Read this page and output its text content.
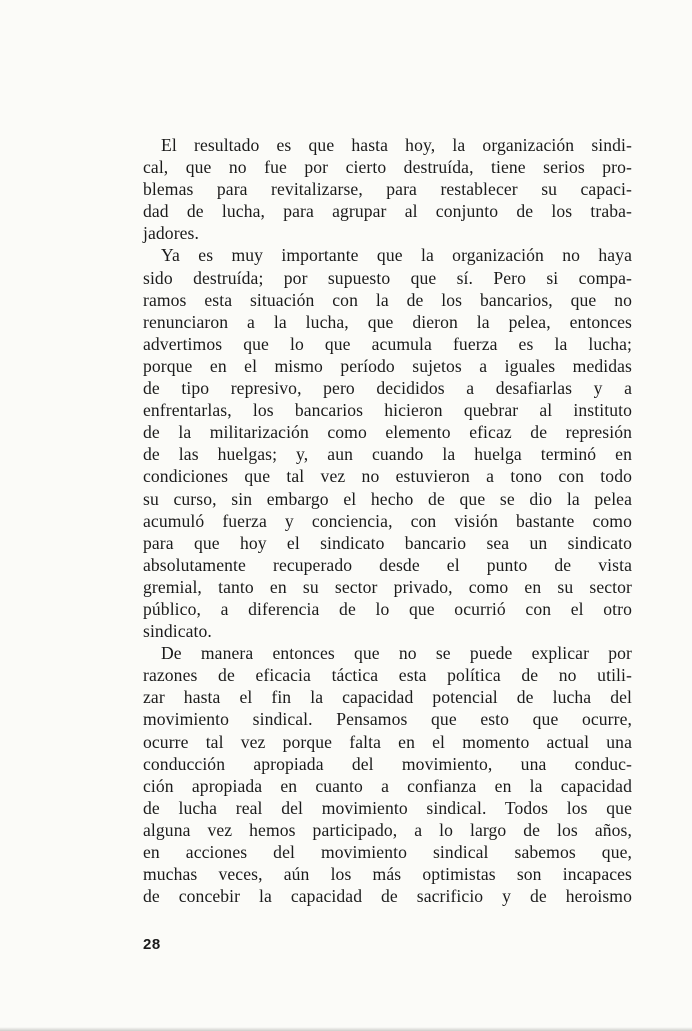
El resultado es que hasta hoy, la organización sindi-
cal, que no fue por cierto destruída, tiene serios pro-
blemas para revitalizarse, para restablecer su capaci-
dad de lucha, para agrupar al conjunto de los traba-
jadores.
Ya es muy importante que la organización no haya
sido destruída; por supuesto que sí. Pero si compa-
ramos esta situación con la de los bancarios, que no
renunciaron a la lucha, que dieron la pelea, entonces
advertimos que lo que acumula fuerza es la lucha;
porque en el mismo período sujetos a iguales medidas
de tipo represivo, pero decididos a desafiarlas y a
enfrentarlas, los bancarios hicieron quebrar al instituto
de la militarización como elemento eficaz de represión
de las huelgas; y, aun cuando la huelga terminó en
condiciones que tal vez no estuvieron a tono con todo
su curso, sin embargo el hecho de que se dio la pelea
acumuló fuerza y conciencia, con visión bastante como
para que hoy el sindicato bancario sea un sindicato
absolutamente recuperado desde el punto de vista
gremial, tanto en su sector privado, como en su sector
público, a diferencia de lo que ocurrió con el otro
sindicato.
De manera entonces que no se puede explicar por
razones de eficacia táctica esta política de no utili-
zar hasta el fin la capacidad potencial de lucha del
movimiento sindical. Pensamos que esto que ocurre,
ocurre tal vez porque falta en el momento actual una
conducción apropiada del movimiento, una conduc-
ción apropiada en cuanto a confianza en la capacidad
de lucha real del movimiento sindical. Todos los que
alguna vez hemos participado, a lo largo de los años,
en acciones del movimiento sindical sabemos que,
muchas veces, aún los más optimistas son incapaces
de concebir la capacidad de sacrificio y de heroismo
28
